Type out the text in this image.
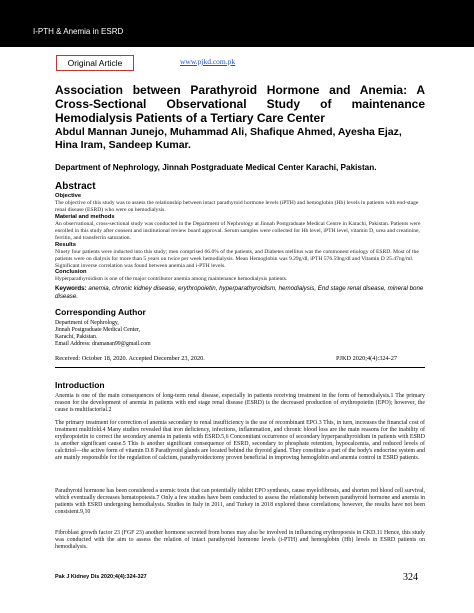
I-PTH & Anemia in ESRD
Original Article	www.pjkd.com.pk
Association between Parathyroid Hormone and Anemia: A Cross-Sectional Observational Study of maintenance Hemodialysis Patients of a Tertiary Care Center
Abdul Mannan Junejo, Muhammad Ali, Shafique Ahmed, Ayesha Ejaz, Hina Iram, Sandeep Kumar.
Department of Nephrology, Jinnah Postgraduate Medical Center Karachi, Pakistan.
Abstract
Objective
The objective of this study was to assess the relationship between intact parathyroid hormone levels (iPTH) and hemoglobin (Hb) levels in patients with end-stage renal disease (ESRD) who were on hemodialysis.
Material and methods
An observational, cross-sectional study was conducted in the Department of Nephrology at Jinnah Postgraduate Medical Centre in Karachi, Pakistan. Patients were enrolled in this study after consent and institutional review board approval. Serum samples were collected for Hb level, iPTH level, vitamin D, urea and creatinine, ferritin, and transferrin saturation.
Results
Ninety four patients were inducted into this study; men comprised 66.0% of the patients, and Diabetes mellitus was the commonest etiology of ESRD. Most of the patients were on dialysis for more than 5 years on twice per week hemodialysis. Mean Hemoglobin was 9.29g/dl, iPTH 576.59ng/dl and Vitamin D 25.47ng/ml. Significant inverse correlation was found between anemia and i-PTH levels.
Conclusion
Hyperparathyroidism is one of the major contributor anemia among maintenance hemodialysis patients.
Keywords: anemia, chronic kidney disease, erythropoietin, hyperparathyroidism, hemodialysis, End stage renal disease, mineral bone disease.
Corresponding Author
Department of Nephrology,
Jinnah Postgraduate Medical Center,
Karachi, Pakistan.
Email Address: dramanan99@gmail.com
Received: October 18, 2020. Accepted December 23, 2020.	PJKD 2020;4(4):324-27
Introduction
Anemia is one of the main consequences of long-term renal disease, especially in patients receiving treatment in the form of hemodialysis.1 The primary reason for the development of anemia in patients with end stage renal disease (ESRD) is the decreased production of erythropoietin (EPO); however, the cause is multifactorial.2
The primary treatment for correction of anemia secondary to renal insufficiency is the use of recombinant EPO.3 This, in turn, increases the financial cost of treatment multifold.4 Many studies revealed that iron deficiency, infections, inflammation, and chronic blood loss are the main reasons for the inability of erythropoietin to correct the secondary anemia in patients with ESRD.5,6 Concomitant occurrence of secondary hyperparathyroidism in patients with ESRD is another significant cause.5 This is another significant consequence of ESRD, secondary to phosphate retention, hypocalcemia, and reduced levels of calcitriol—the active form of vitamin D.8 Parathyroid glands are located behind the thyroid gland. They constitute a part of the body's endocrine system and are mainly responsible for the regulation of calcium, parathyroidectomy proven beneficial in improving hemoglobin and anemia control in ESRD patients.
Parathyroid hormone has been considered a uremic toxin that can potentially inhibit EPO synthesis, cause myelofibrosis, and shorten red blood cell survival, which eventually decreases hematopoiesis.7 Only a few studies have been conducted to assess the relationship between parathyroid hormone and anemia in patients with ESRD undergoing hemodialysis. Studies in Italy in 2011, and Turkey in 2018 explored these correlations; however, the results have not been consistent.9,10
Fibroblast growth factor 23 (FGF 23) another hormone secreted from bones may also be involved in influencing erythropoesis in CKD.11 Hence, this study was conducted with the aim to assess the relation of intact parathyroid hormone levels (i-PTH) and hemoglobin (Hb) levels in ESRD patients on hemodialysis.
Pak J Kidney Dis 2020;4(4):324-327	324
